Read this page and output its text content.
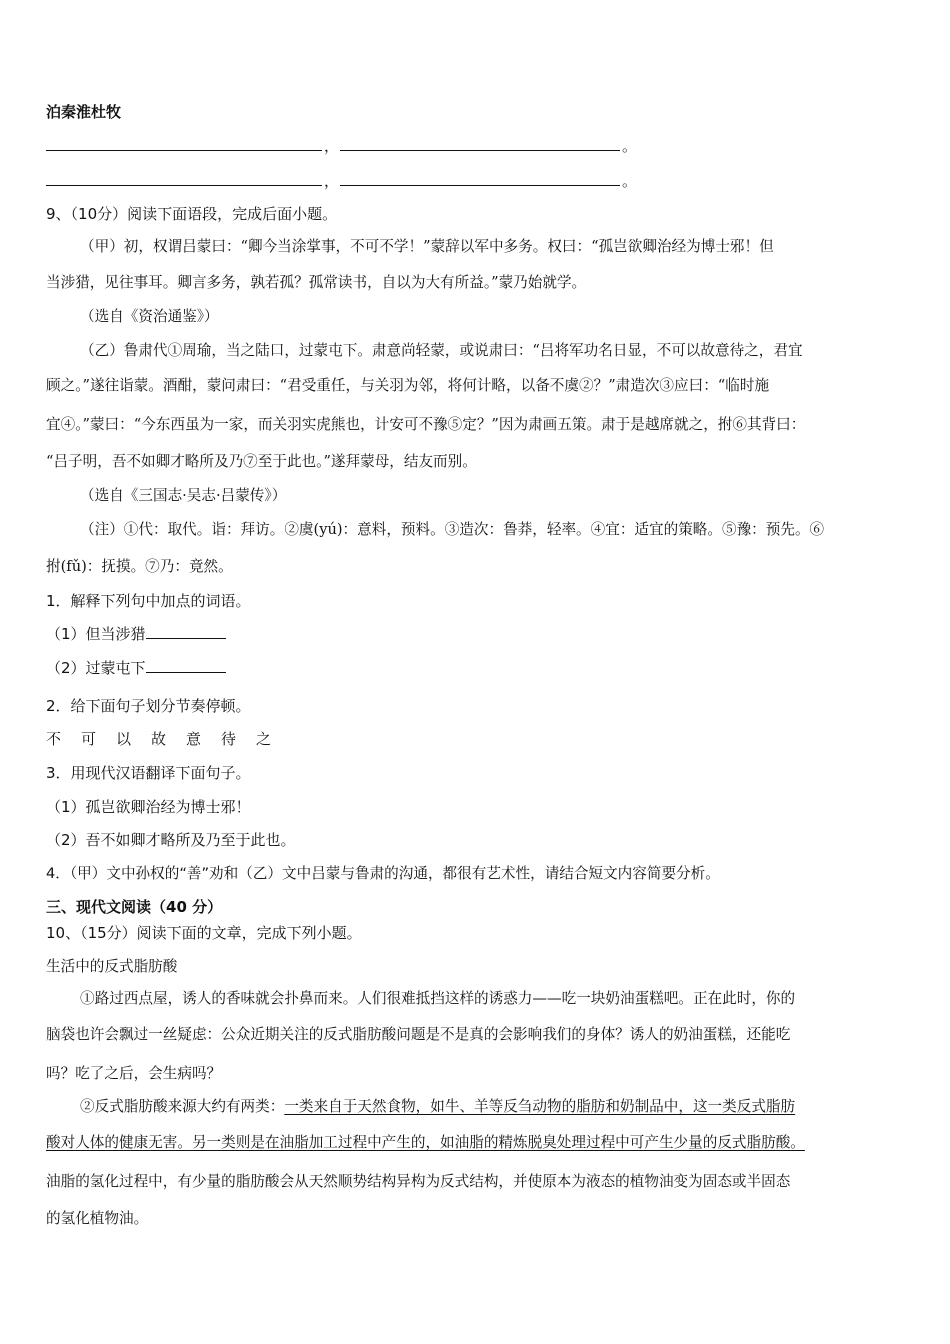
泊秦淮杜牧
，	。
，	。
9、（10分）阅读下面语段，完成后面小题。
（甲）初，权谓吕蒙曰：“卿今当涂掌事，不可不学！”蒙辞以军中多务。权曰：“孤岂欲卿治经为博士邪！但
当涉猎，见往事耳。卿言多务，孰若孤？孤常读书，自以为大有所益。”蒙乃始就学。
（选自《资治通鉴》）
（乙）鲁肃代①周瑜，当之陆口，过蒙屯下。肃意尚轻蒙，或说肃曰：“吕将军功名日显，不可以故意待之，君宜
顾之。”遂往诣蒙。酒酣，蒙问肃曰：“君受重任，与关羽为邻，将何计略，以备不虞②？”肃造次③应曰：“临时施
宜④。”蒙曰：“今东西虽为一家，而关羽实虎熊也，计安可不豫⑤定？”因为肃画五策。肃于是越席就之，拊⑥其背曰：
“吕子明，吾不如卿才略所及乃⑦至于此也。”遂拜蒙母，结友而别。
（选自《三国志·吴志·吕蒙传》）
（注）①代：取代。诣：拜访。②虞(yú)：意料，预料。③造次：鲁莽，轻率。④宜：适宜的策略。⑤豫：预先。⑥
拊(fǔ)：抚摸。⑦乃：竟然。
1．解释下列句中加点的词语。
（1）但当涉猎
（2）过蒙屯下
2．给下面句子划分节奏停顿。
不 可 以 故 意 待 之
3．用现代汉语翻译下面句子。
（1）孤岂欲卿治经为博士邪！
（2）吾不如卿才略所及乃至于此也。
4．（甲）文中孙权的“善”劝和（乙）文中吕蒙与鲁肃的沟通，都很有艺术性，请结合短文内容简要分析。
三、现代文阅读（40 分）
10、（15分）阅读下面的文章，完成下列小题。
生活中的反式脂肪酸
①路过西点屋，诱人的香味就会扑鼻而来。人们很难抵挡这样的诱惑力——吃一块奶油蛋糕吧。正在此时，你的
脑袋也许会飘过一丝疑虑：公众近期关注的反式脂肪酸问题是不是真的会影响我们的身体？诱人的奶油蛋糕，还能吃
吗？吃了之后，会生病吗？
②反式脂肪酸来源大约有两类：一类来自于天然食物，如牛、羊等反刍动物的脂肪和奶制品中，这一类反式脂肪
酸对人体的健康无害。另一类则是在油脂加工过程中产生的，如油脂的精炼脱臭处理过程中可产生少量的反式脂肪酸。
油脂的氢化过程中，有少量的脂肪酸会从天然顺势结构异构为反式结构，并使原本为液态的植物油变为固态或半固态
的氢化植物油。
